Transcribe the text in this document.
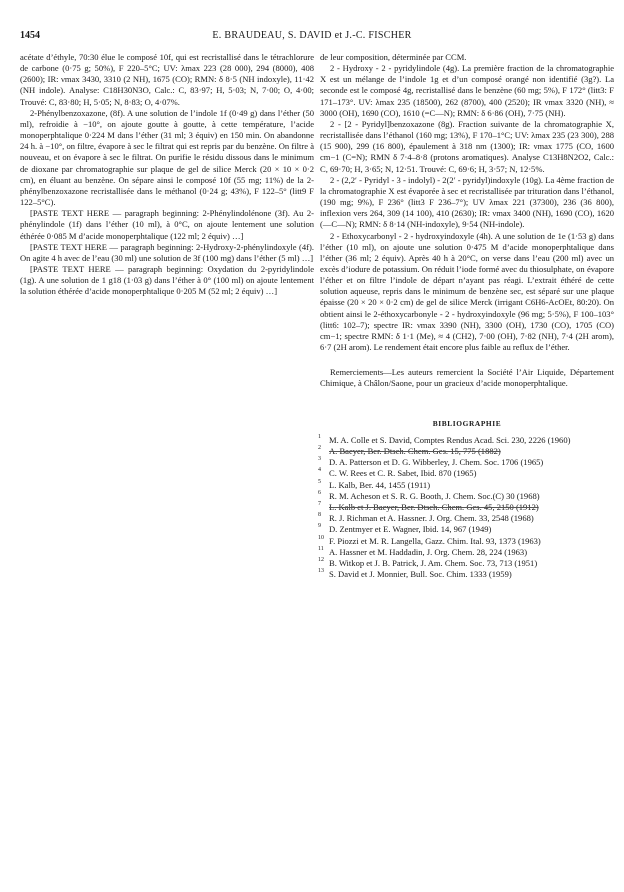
1454	E. BRAUDEAU, S. DAVID et J.-C. FISCHER

acétate d’éthyle, 70:30 élue le composé 10f, qui est recristallisé dans le tétrachlorure de carbone (0·75 g; 50%), F 220–5°C; UV: λmax 223 (28 000), 294 (8000), 408 (2600); IR: νmax 3430, 3310 (2 NH), 1675 (CO); RMN: δ 8·5 (NH indoxyle), 11·42 (NH indole). Analyse: C18H30N3O, Calc.: C, 83·97; H, 5·03; N, 7·00; O, 4·00; Trouvé: C, 83·80; H, 5·05; N, 8·83; O, 4·07%.

2-Phénylbenzoxazone, (8f). A une solution de l’indole 1f (0·49 g) dans l’éther (50 ml), refroidie à −10°, on ajoute goutte à goutte, à cette température, l’acide monoperphtalique 0·224 M dans l’éther (31 ml; 3 équiv) en 150 min. On abandonne 24 h. à −10°, on filtre, évapore à sec le filtrat qui est repris par du benzène. On filtre à nouveau, et on évapore à sec le filtrat. On purifie le résidu dissous dans le minimum de dioxane par chromatographie sur plaque de gel de silice Merck (20 × 10 × 0·2 cm), en éluant au benzène. On sépare ainsi le composé 10f (55 mg; 11%) de la 2-phénylbenzoxazone recristallisée dans le méthanol (0·24 g; 43%), F 122–5° (litt9 F 122–5°C).

[PASTE TEXT HERE — paragraph beginning: 2-Phénylindolénone (3f). Au 2-phénylindole (1f) dans l’éther (10 ml), à 0°C, on ajoute lentement une solution éthérée 0·085 M d’acide monoperphtalique (122 ml; 2 équiv) …]

[PASTE TEXT HERE — paragraph beginning: 2-Hydroxy-2-phénylindoxyle (4f). On agite 4 h avec de l’eau (30 ml) une solution de 3f (100 mg) dans l’éther (5 ml) …]

[PASTE TEXT HERE — paragraph beginning: Oxydation du 2-pyridylindole (1g). A une solution de 1 g18 (1·03 g) dans l’éther à 0° (100 ml) on ajoute lentement la solution éthérée d’acide monoperphtalique 0·205 M (52 ml; 2 équiv) …]

de leur composition, déterminée par CCM.

2 - Hydroxy - 2 - pyridylindole (4g). La première fraction de la chromatographie X est un mélange de l’indole 1g et d’un composé orangé non identifié (3g?). La seconde est le composé 4g, recristallisé dans le benzène (60 mg; 5%), F 172° (litt3: F 171–173°. UV: λmax 235 (18500), 262 (8700), 400 (2520); IR νmax 3320 (NH), ≈ 3000 (OH), 1690 (CO), 1610 (=C—N); RMN: δ 6·86 (OH), 7·75 (NH).

2 - [2 - Pyridyl]benzoxazone (8g). Fraction suivante de la chromatographie X, recristallisée dans l’éthanol (160 mg; 13%), F 170–1°C; UV: λmax 235 (23 300), 288 (15 900), 299 (16 800), épaulement à 318 nm (1300); IR: νmax 1775 (CO, 1600 cm−1 (C=N); RMN δ 7·4–8·8 (protons aromatiques). Analyse C13H8N2O2, Calc.: C, 69·70; H, 3·65; N, 12·51. Trouvé: C, 69·6; H, 3·57; N, 12·5%.

2 - (2,2′ - Pyridyl - 3 - indolyl) - 2(2′ - pyridyl)indoxyle (10g). La 4ème fraction de la chromatographie X est évaporée à sec et recristallisée par trituration dans l’éthanol, (190 mg; 9%), F 236° (litt3 F 236–7°); UV λmax 221 (37300), 236 (36 800), inflexion vers 264, 309 (14 100), 410 (2630); IR: νmax 3400 (NH), 1690 (CO), 1620 (—C—N); RMN: δ 8·14 (NH-indoxyle), 9·54 (NH-indole).

2 - Ethoxycarbonyl - 2 - hydroxyindoxyle (4h). A une solution de 1e (1·53 g) dans l’éther (10 ml), on ajoute une solution 0·475 M d’acide monoperphtalique dans l’éther (36 ml; 2 équiv). Après 40 h à 20°C, on verse dans l’eau (200 ml) avec un excès d’iodure de potassium. On réduit l’iode formé avec du thiosulphate, on évapore l’éther et on filtre l’indole de départ n’ayant pas réagi. L’extrait éthéré de cette solution aqueuse, repris dans le minimum de benzène sec, est séparé sur une plaque épaisse (20 × 20 × 0·2 cm) de gel de silice Merck (irrigant C6H6-AcOEt, 80:20). On obtient ainsi le 2-éthoxycarbonyle - 2 - hydroxyindoxyle (96 mg; 5·5%), F 100–103° (litt6: 102–7); spectre IR: νmax 3390 (NH), 3300 (OH), 1730 (CO), 1705 (CO) cm−1; spectre RMN: δ 1·1 (Me), ≈ 4 (CH2), 7·00 (OH), 7·82 (NH), 7·4 (2H arom), 6·7 (2H arom). Le rendement était encore plus faible au reflux de l’éther.

Remerciements—Les auteurs remercient la Société l’Air Liquide, Département Chimique, à Châlon/Saone, pour un gracieux d’acide monoperphtalique.

BIBLIOGRAPHIE
1 M. A. Colle et S. David, Comptes Rendus Acad. Sci. 230, 2226 (1960)
2 A. Baeyer, Ber. Dtsch. Chem. Ges. 15, 775 (1882)
3 D. A. Patterson et D. G. Wibberley, J. Chem. Soc. 1706 (1965)
4 C. W. Rees et C. R. Sabet, Ibid. 870 (1965)
5 L. Kalb, Ber. 44, 1455 (1911)
6 R. M. Acheson et S. R. G. Booth, J. Chem. Soc.(C) 30 (1968)
7 L. Kalb et J. Baeyer, Ber. Dtsch. Chem. Ges. 45, 2150 (1912)
8 R. J. Richman et A. Hassner. J. Org. Chem. 33, 2548 (1968)
9 D. Zentmyer et E. Wagner, Ibid. 14, 967 (1949)
10 F. Piozzi et M. R. Langella, Gazz. Chim. Ital. 93, 1373 (1963)
11 A. Hassner et M. Haddadin, J. Org. Chem. 28, 224 (1963)
12 B. Witkop et J. B. Patrick, J. Am. Chem. Soc. 73, 713 (1951)
13 S. David et J. Monnier, Bull. Soc. Chim. 1333 (1959)
